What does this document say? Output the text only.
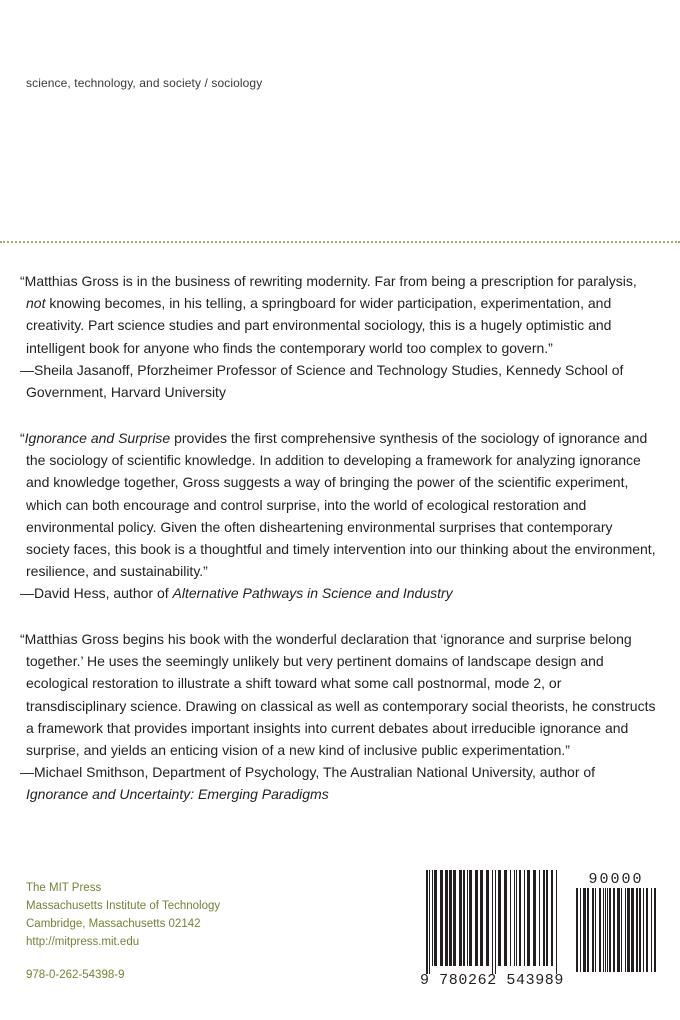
science, technology, and society / sociology

“Matthias Gross is in the business of rewriting modernity. Far from being a prescription for paralysis, not knowing becomes, in his telling, a springboard for wider participation, experimentation, and creativity. Part science studies and part environmental sociology, this is a hugely optimistic and intelligent book for anyone who finds the contemporary world too complex to govern.”

—Sheila Jasanoff, Pforzheimer Professor of Science and Technology Studies, Kennedy School of Government, Harvard University

“Ignorance and Surprise provides the first comprehensive synthesis of the sociology of ignorance and the sociology of scientific knowledge. In addition to developing a framework for analyzing ignorance and knowledge together, Gross suggests a way of bringing the power of the scientific experiment, which can both encourage and control surprise, into the world of ecological restoration and environmental policy. Given the often disheartening environmental surprises that contemporary society faces, this book is a thoughtful and timely intervention into our thinking about the environment, resilience, and sustainability.”

—David Hess, author of Alternative Pathways in Science and Industry

“Matthias Gross begins his book with the wonderful declaration that ‘ignorance and surprise belong together.’ He uses the seemingly unlikely but very pertinent domains of landscape design and ecological restoration to illustrate a shift toward what some call postnormal, mode 2, or transdisciplinary science. Drawing on classical as well as contemporary social theorists, he constructs a framework that provides important insights into current debates about irreducible ignorance and surprise, and yields an enticing vision of a new kind of inclusive public experimentation.”

—Michael Smithson, Department of Psychology, The Australian National University, author of Ignorance and Uncertainty: Emerging Paradigms

The MIT Press
Massachusetts Institute of Technology
Cambridge, Massachusetts 02142
http://mitpress.mit.edu
978-0-262-54398-9
90000
9 780262 543989
